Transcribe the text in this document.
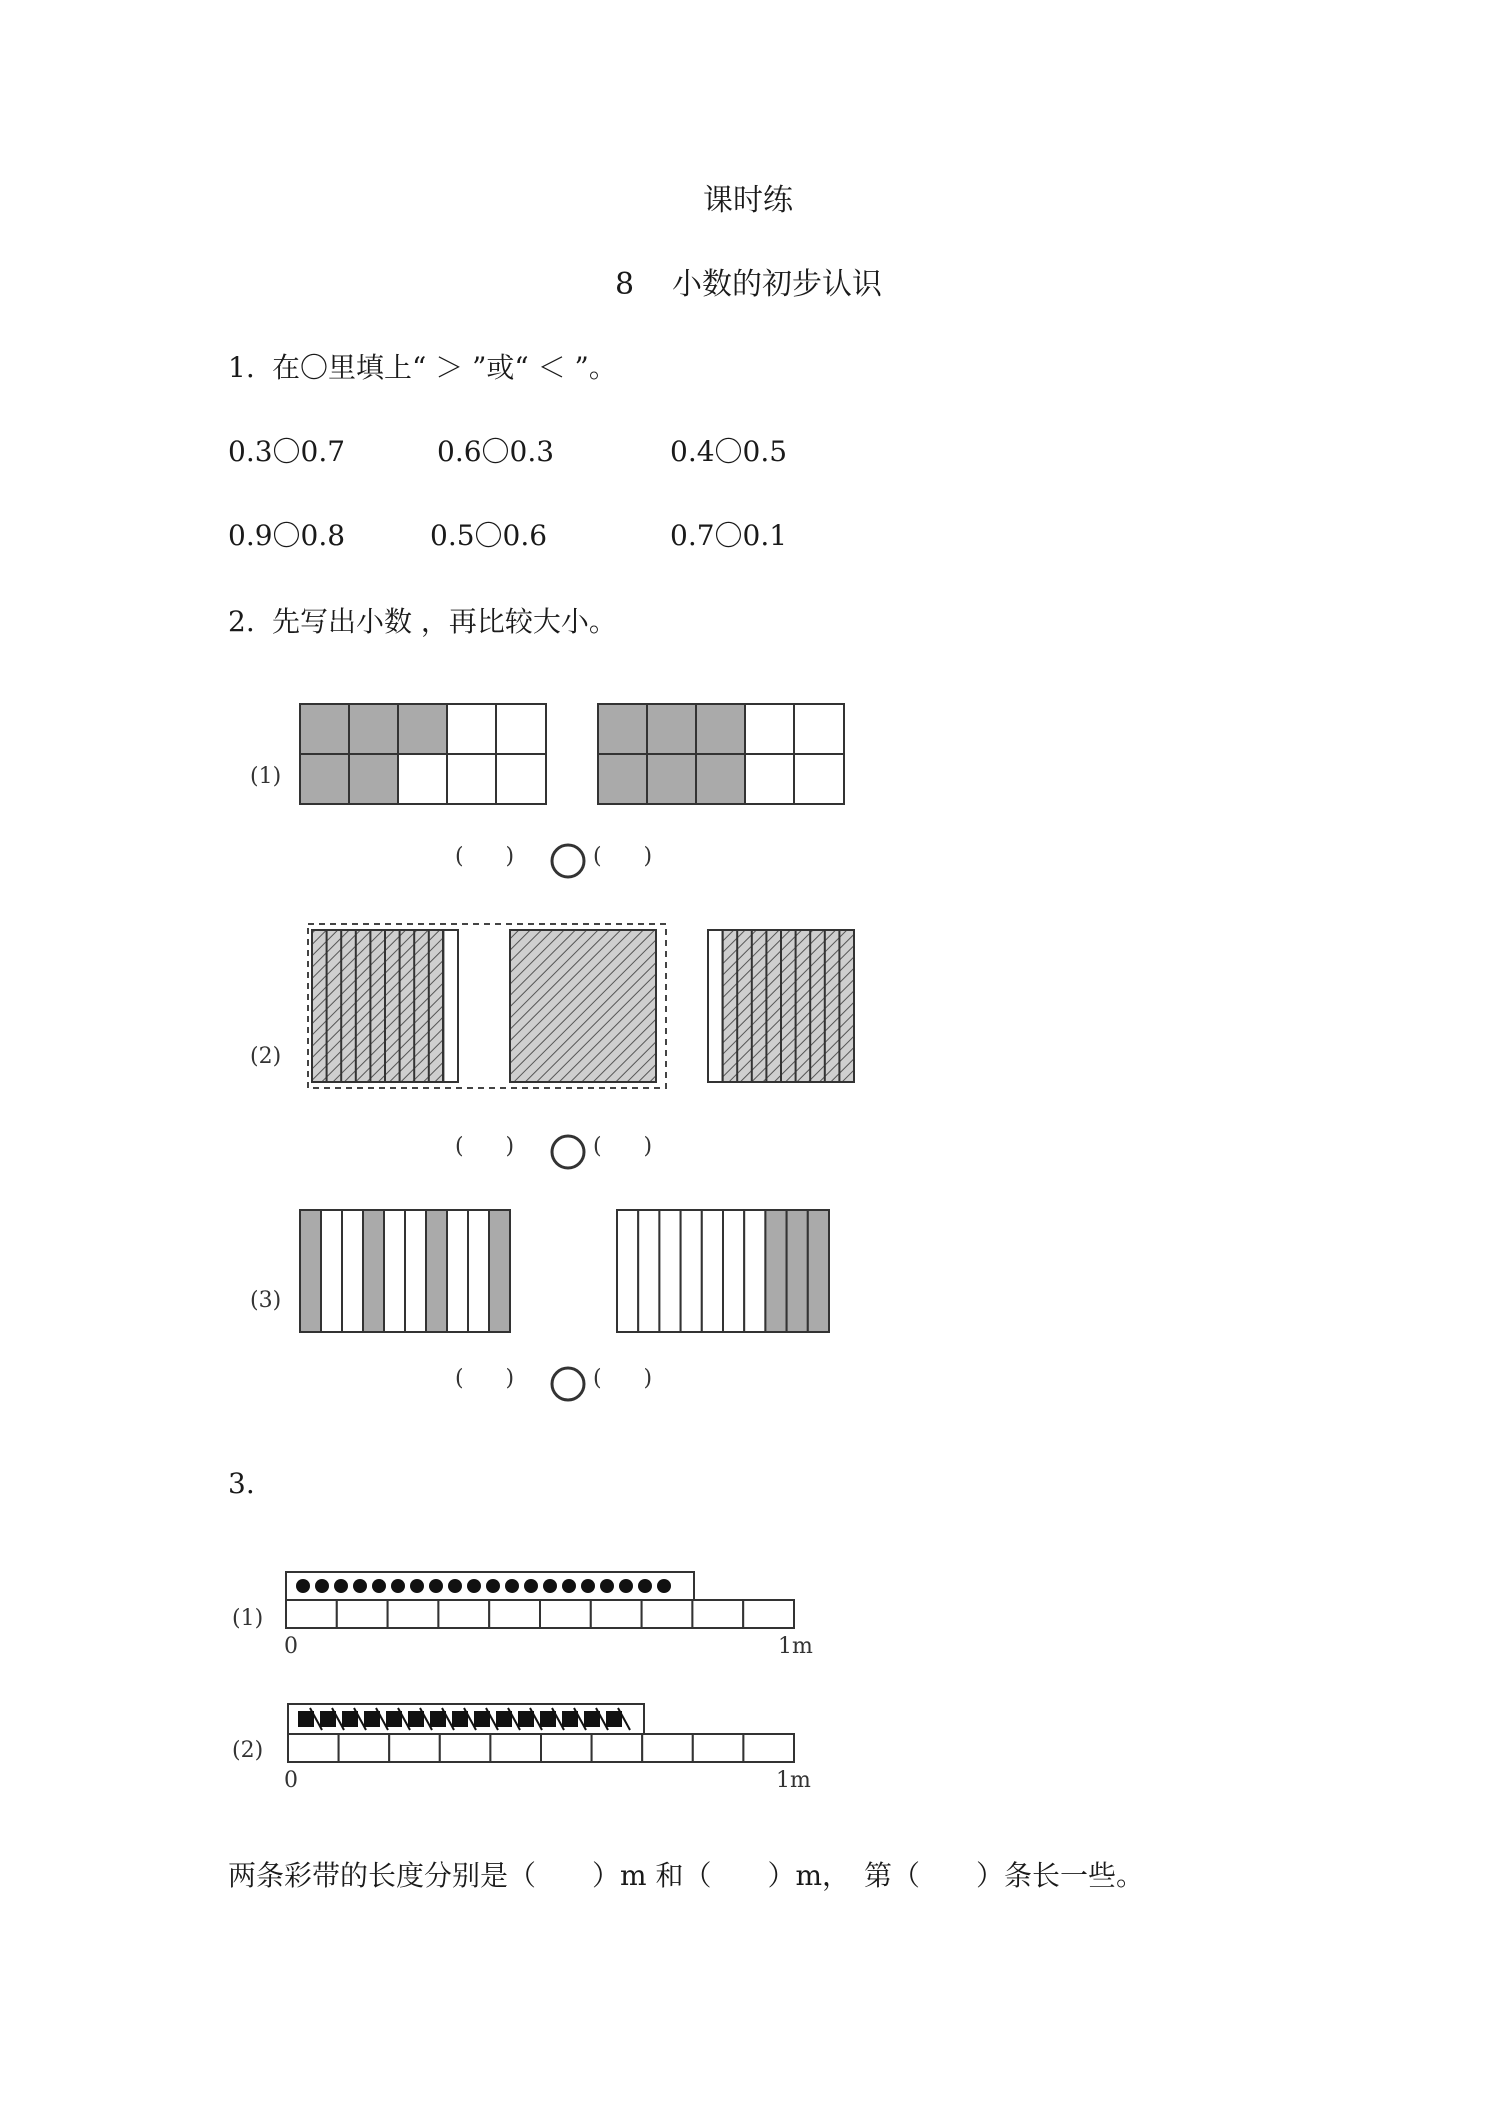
课时练
8 小数的初步认识
1. 在〇里填上“ ＞ ”或“ ＜ ”。
0.3〇0.7	0.6〇0.3	0.4〇0.5
0.9〇0.8	0.5〇0.6	0.7〇0.1
2. 先写出小数 ，再比较大小。
(1)
(2)
(3)
(      )	(      )
(      )	(      )
(      )	(      )
3.
(1)
(2)
0	1m
0	1m
两条彩带的长度分别是（　　）m 和（　　）m，　第（　　）条长一些。
